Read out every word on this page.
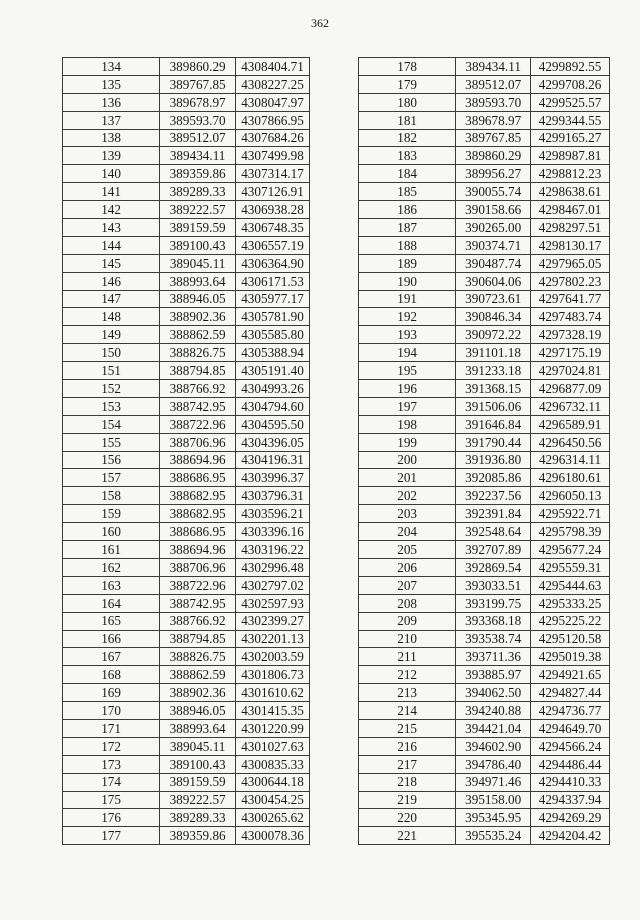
362
134	389860.29	4308404.71
135	389767.85	4308227.25
136	389678.97	4308047.97
137	389593.70	4307866.95
138	389512.07	4307684.26
139	389434.11	4307499.98
140	389359.86	4307314.17
141	389289.33	4307126.91
142	389222.57	4306938.28
143	389159.59	4306748.35
144	389100.43	4306557.19
145	389045.11	4306364.90
146	388993.64	4306171.53
147	388946.05	4305977.17
148	388902.36	4305781.90
149	388862.59	4305585.80
150	388826.75	4305388.94
151	388794.85	4305191.40
152	388766.92	4304993.26
153	388742.95	4304794.60
154	388722.96	4304595.50
155	388706.96	4304396.05
156	388694.96	4304196.31
157	388686.95	4303996.37
158	388682.95	4303796.31
159	388682.95	4303596.21
160	388686.95	4303396.16
161	388694.96	4303196.22
162	388706.96	4302996.48
163	388722.96	4302797.02
164	388742.95	4302597.93
165	388766.92	4302399.27
166	388794.85	4302201.13
167	388826.75	4302003.59
168	388862.59	4301806.73
169	388902.36	4301610.62
170	388946.05	4301415.35
171	388993.64	4301220.99
172	389045.11	4301027.63
173	389100.43	4300835.33
174	389159.59	4300644.18
175	389222.57	4300454.25
176	389289.33	4300265.62
177	389359.86	4300078.36
178	389434.11	4299892.55
179	389512.07	4299708.26
180	389593.70	4299525.57
181	389678.97	4299344.55
182	389767.85	4299165.27
183	389860.29	4298987.81
184	389956.27	4298812.23
185	390055.74	4298638.61
186	390158.66	4298467.01
187	390265.00	4298297.51
188	390374.71	4298130.17
189	390487.74	4297965.05
190	390604.06	4297802.23
191	390723.61	4297641.77
192	390846.34	4297483.74
193	390972.22	4297328.19
194	391101.18	4297175.19
195	391233.18	4297024.81
196	391368.15	4296877.09
197	391506.06	4296732.11
198	391646.84	4296589.91
199	391790.44	4296450.56
200	391936.80	4296314.11
201	392085.86	4296180.61
202	392237.56	4296050.13
203	392391.84	4295922.71
204	392548.64	4295798.39
205	392707.89	4295677.24
206	392869.54	4295559.31
207	393033.51	4295444.63
208	393199.75	4295333.25
209	393368.18	4295225.22
210	393538.74	4295120.58
211	393711.36	4295019.38
212	393885.97	4294921.65
213	394062.50	4294827.44
214	394240.88	4294736.77
215	394421.04	4294649.70
216	394602.90	4294566.24
217	394786.40	4294486.44
218	394971.46	4294410.33
219	395158.00	4294337.94
220	395345.95	4294269.29
221	395535.24	4294204.42
